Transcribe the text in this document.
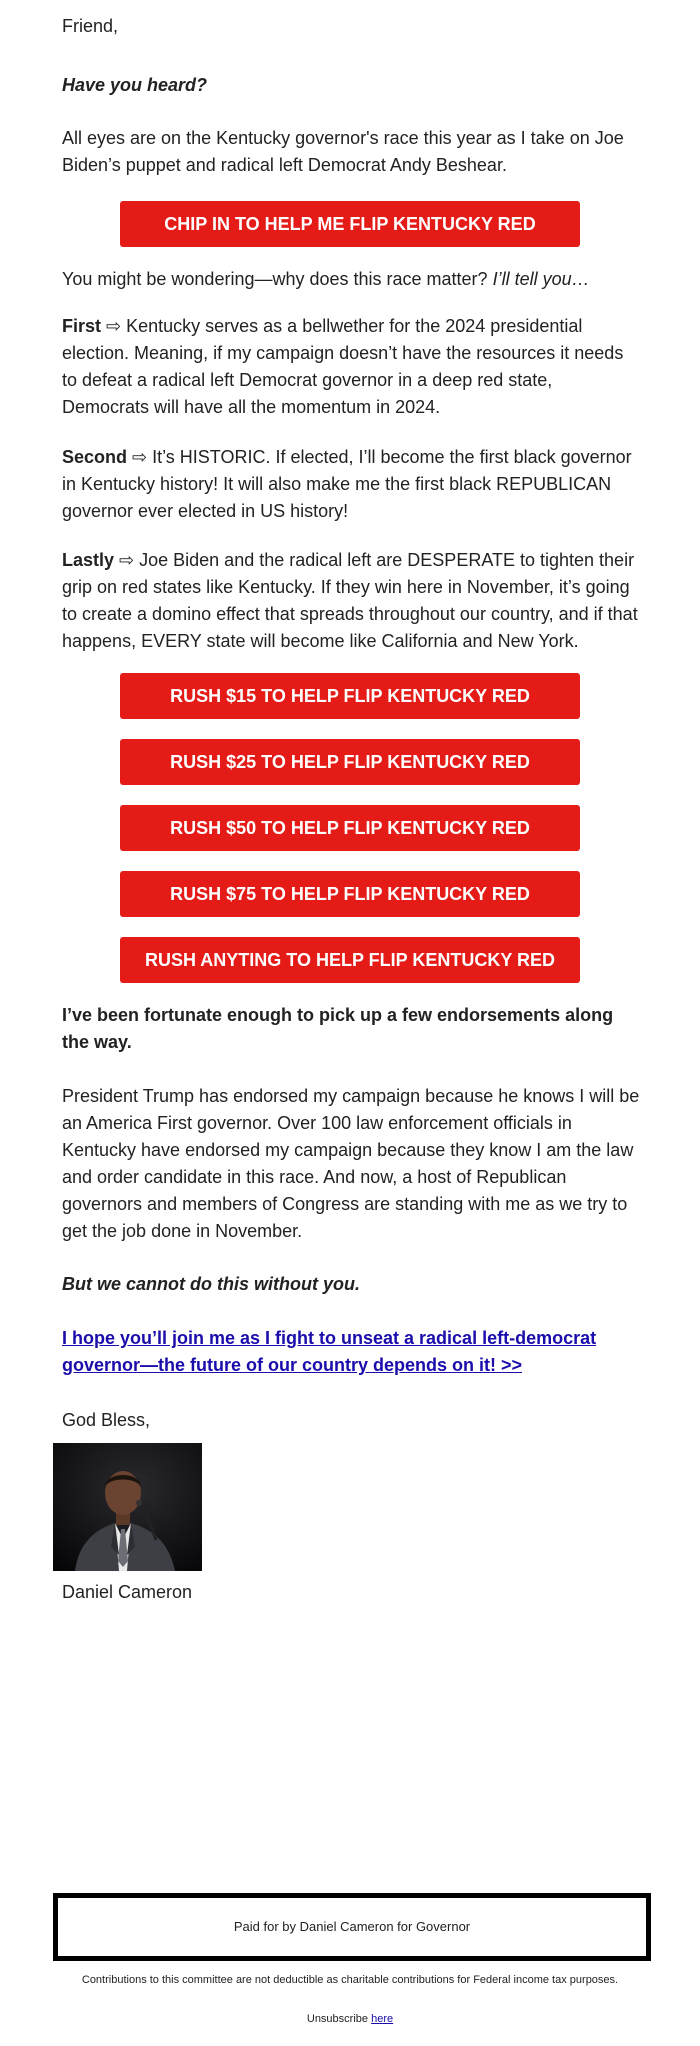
Friend,

Have you heard?

All eyes are on the Kentucky governor's race this year as I take on Joe Biden’s puppet and radical left Democrat Andy Beshear.

CHIP IN TO HELP ME FLIP KENTUCKY RED

You might be wondering—why does this race matter? I’ll tell you…

First ⇨ Kentucky serves as a bellwether for the 2024 presidential election. Meaning, if my campaign doesn’t have the resources it needs to defeat a radical left Democrat governor in a deep red state, Democrats will have all the momentum in 2024.

Second ⇨ It’s HISTORIC. If elected, I’ll become the first black governor in Kentucky history! It will also make me the first black REPUBLICAN governor ever elected in US history!

Lastly ⇨ Joe Biden and the radical left are DESPERATE to tighten their grip on red states like Kentucky. If they win here in November, it’s going to create a domino effect that spreads throughout our country, and if that happens, EVERY state will become like California and New York.

RUSH $15 TO HELP FLIP KENTUCKY RED
RUSH $25 TO HELP FLIP KENTUCKY RED
RUSH $50 TO HELP FLIP KENTUCKY RED
RUSH $75 TO HELP FLIP KENTUCKY RED
RUSH ANYTING TO HELP FLIP KENTUCKY RED

I’ve been fortunate enough to pick up a few endorsements along the way.

President Trump has endorsed my campaign because he knows I will be an America First governor. Over 100 law enforcement officials in Kentucky have endorsed my campaign because they know I am the law and order candidate in this race. And now, a host of Republican governors and members of Congress are standing with me as we try to get the job done in November.

But we cannot do this without you.

I hope you’ll join me as I fight to unseat a radical left-democrat governor—the future of our country depends on it! >>

God Bless,

Daniel Cameron

Paid for by Daniel Cameron for Governor
Contributions to this committee are not deductible as charitable contributions for Federal income tax purposes.
Unsubscribe here
